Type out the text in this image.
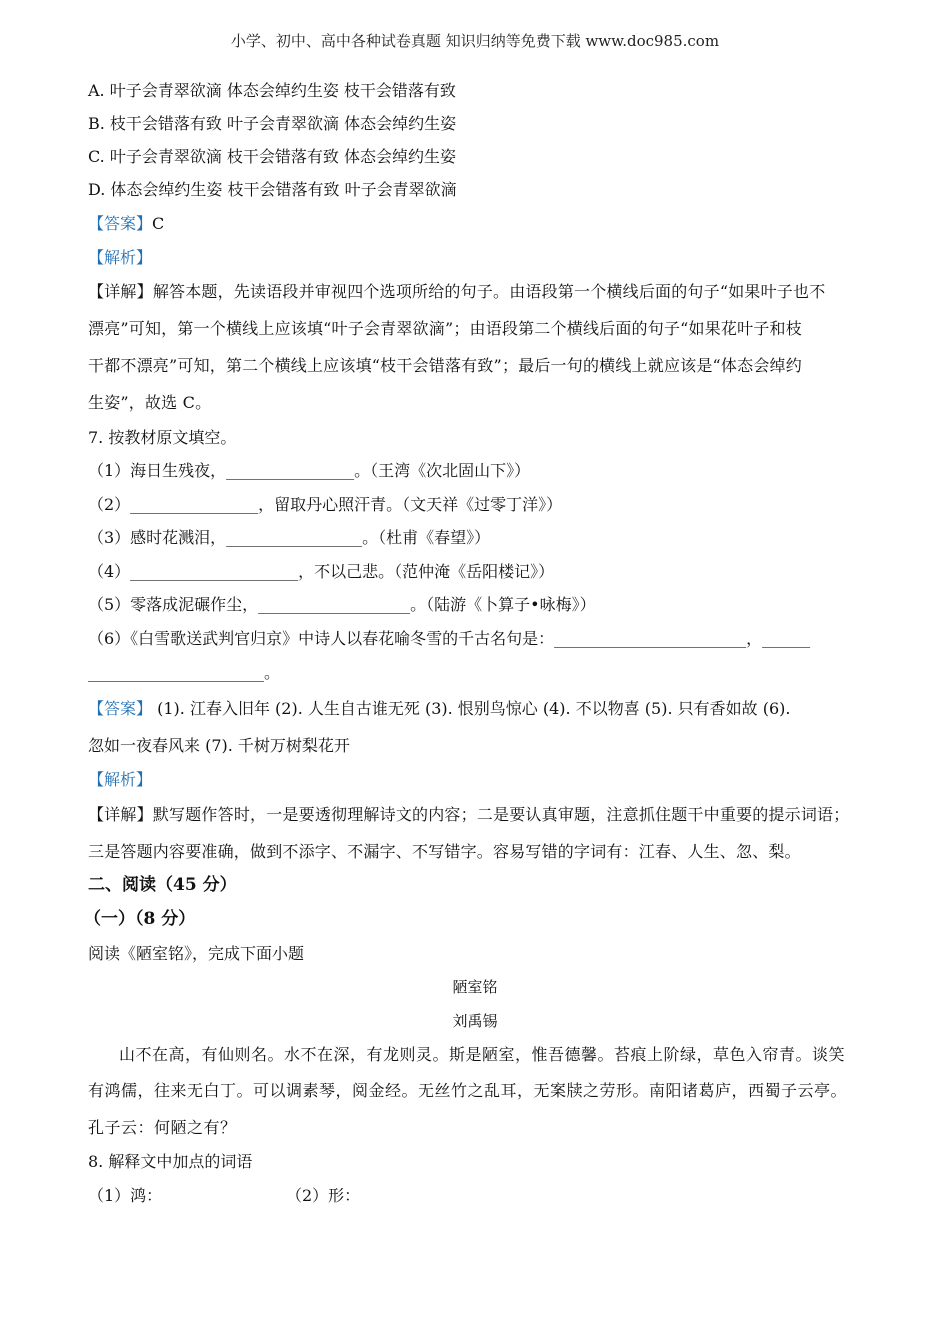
小学、初中、高中各种试卷真题 知识归纳等免费下载 www.doc985.com
A. 叶子会青翠欲滴 体态会绰约生姿 枝干会错落有致
B. 枝干会错落有致 叶子会青翠欲滴 体态会绰约生姿
C. 叶子会青翠欲滴 枝干会错落有致 体态会绰约生姿
D. 体态会绰约生姿 枝干会错落有致 叶子会青翠欲滴
【答案】C
【解析】
【详解】解答本题，先读语段并审视四个选项所给的句子。由语段第一个横线后面的句子“如果叶子也不
漂亮”可知，第一个横线上应该填“叶子会青翠欲滴”；由语段第二个横线后面的句子“如果花叶子和枝
干都不漂亮”可知，第二个横线上应该填“枝干会错落有致”；最后一句的横线上就应该是“体态会绰约
生姿”，故选 C。
7. 按教材原文填空。
（1）海日生残夜，________________。（王湾《次北固山下》）
（2）________________，留取丹心照汗青。（文天祥《过零丁洋》）
（3）感时花溅泪，_________________。（杜甫《春望》）
（4）_____________________，不以己悲。（范仲淹《岳阳楼记》）
（5）零落成泥碾作尘，___________________。（陆游《卜算子•咏梅》）
（6）《白雪歌送武判官归京》中诗人以春花喻冬雪的千古名句是：________________________，______
______________________。
【答案】 (1). 江春入旧年 (2). 人生自古谁无死 (3). 恨别鸟惊心 (4). 不以物喜 (5). 只有香如故 (6).
忽如一夜春风来 (7). 千树万树梨花开
【解析】
【详解】默写题作答时，一是要透彻理解诗文的内容；二是要认真审题，注意抓住题干中重要的提示词语；
三是答题内容要准确，做到不添字、不漏字、不写错字。容易写错的字词有：江春、人生、忽、梨。
二、阅读（45 分）
（一）（8 分）
阅读《陋室铭》，完成下面小题
陋室铭
刘禹锡
山不在高，有仙则名。水不在深，有龙则灵。斯是陋室，惟吾德馨。苔痕上阶绿，草色入帘青。谈笑
有鸿儒，往来无白丁。可以调素琴，阅金经。无丝竹之乱耳，无案牍之劳形。南阳诸葛庐，西蜀子云亭。
孔子云：何陋之有？
8. 解释文中加点的词语
（1）鸿：	（2）形：
